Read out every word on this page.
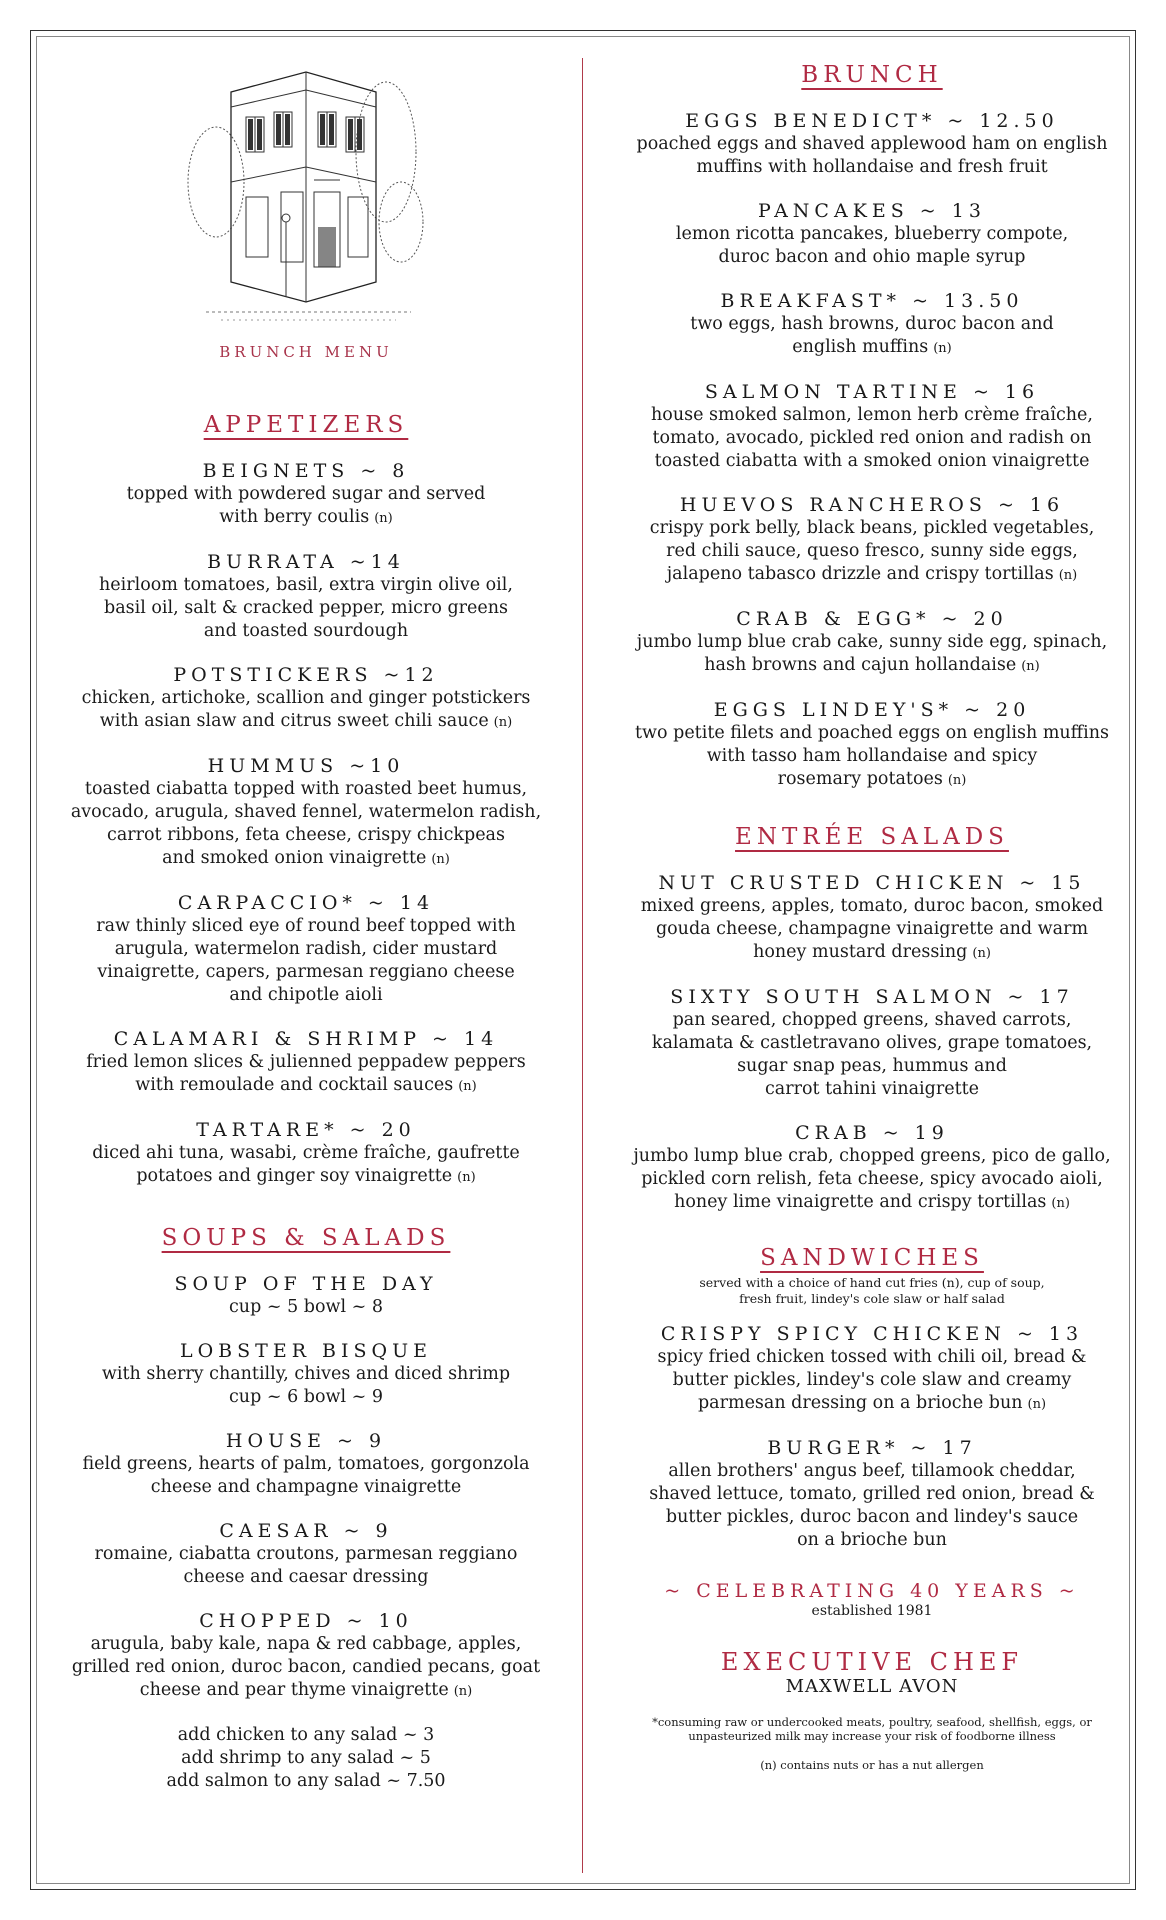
BRUNCH MENU
APPETIZERS
BEIGNETS ~ 8
topped with powdered sugar and served
with berry coulis (n)
BURRATA ~14
heirloom tomatoes, basil, extra virgin olive oil,
basil oil, salt & cracked pepper, micro greens
and toasted sourdough
POTSTICKERS ~12
chicken, artichoke, scallion and ginger potstickers
with asian slaw and citrus sweet chili sauce (n)
HUMMUS ~10
toasted ciabatta topped with roasted beet humus,
avocado, arugula, shaved fennel, watermelon radish,
carrot ribbons, feta cheese, crispy chickpeas
and smoked onion vinaigrette (n)
CARPACCIO* ~ 14
raw thinly sliced eye of round beef topped with
arugula, watermelon radish, cider mustard
vinaigrette, capers, parmesan reggiano cheese
and chipotle aioli
CALAMARI & SHRIMP ~ 14
fried lemon slices & julienned peppadew peppers
with remoulade and cocktail sauces (n)
TARTARE* ~ 20
diced ahi tuna, wasabi, crème fraîche, gaufrette
potatoes and ginger soy vinaigrette (n)
SOUPS & SALADS
SOUP OF THE DAY
cup ~ 5 bowl ~ 8
LOBSTER BISQUE
with sherry chantilly, chives and diced shrimp
cup ~ 6 bowl ~ 9
HOUSE ~ 9
field greens, hearts of palm, tomatoes, gorgonzola
cheese and champagne vinaigrette
CAESAR ~ 9
romaine, ciabatta croutons, parmesan reggiano
cheese and caesar dressing
CHOPPED ~ 10
arugula, baby kale, napa & red cabbage, apples,
grilled red onion, duroc bacon, candied pecans, goat
cheese and pear thyme vinaigrette (n)
add chicken to any salad ~ 3
add shrimp to any salad ~ 5
add salmon to any salad ~ 7.50
BRUNCH
EGGS BENEDICT* ~ 12.50
poached eggs and shaved applewood ham on english
muffins with hollandaise and fresh fruit
PANCAKES ~ 13
lemon ricotta pancakes, blueberry compote,
duroc bacon and ohio maple syrup
BREAKFAST* ~ 13.50
two eggs, hash browns, duroc bacon and
english muffins (n)
SALMON TARTINE ~ 16
house smoked salmon, lemon herb crème fraîche,
tomato, avocado, pickled red onion and radish on
toasted ciabatta with a smoked onion vinaigrette
HUEVOS RANCHEROS ~ 16
crispy pork belly, black beans, pickled vegetables,
red chili sauce, queso fresco, sunny side eggs,
jalapeno tabasco drizzle and crispy tortillas (n)
CRAB & EGG* ~ 20
jumbo lump blue crab cake, sunny side egg, spinach,
hash browns and cajun hollandaise (n)
EGGS LINDEY'S* ~ 20
two petite filets and poached eggs on english muffins
with tasso ham hollandaise and spicy
rosemary potatoes (n)
ENTRÉE SALADS
NUT CRUSTED CHICKEN ~ 15
mixed greens, apples, tomato, duroc bacon, smoked
gouda cheese, champagne vinaigrette and warm
honey mustard dressing (n)
SIXTY SOUTH SALMON ~ 17
pan seared, chopped greens, shaved carrots,
kalamata & castletravano olives, grape tomatoes,
sugar snap peas, hummus and
carrot tahini vinaigrette
CRAB ~ 19
jumbo lump blue crab, chopped greens, pico de gallo,
pickled corn relish, feta cheese, spicy avocado aioli,
honey lime vinaigrette and crispy tortillas (n)
SANDWICHES
served with a choice of hand cut fries (n), cup of soup,
fresh fruit, lindey's cole slaw or half salad
CRISPY SPICY CHICKEN ~ 13
spicy fried chicken tossed with chili oil, bread &
butter pickles, lindey's cole slaw and creamy
parmesan dressing on a brioche bun (n)
BURGER* ~ 17
allen brothers' angus beef, tillamook cheddar,
shaved lettuce, tomato, grilled red onion, bread &
butter pickles, duroc bacon and lindey's sauce
on a brioche bun
~ CELEBRATING 40 YEARS ~
established 1981
EXECUTIVE CHEF
MAXWELL AVON
*consuming raw or undercooked meats, poultry, seafood, shellfish, eggs, or
unpasteurized milk may increase your risk of foodborne illness
(n) contains nuts or has a nut allergen
